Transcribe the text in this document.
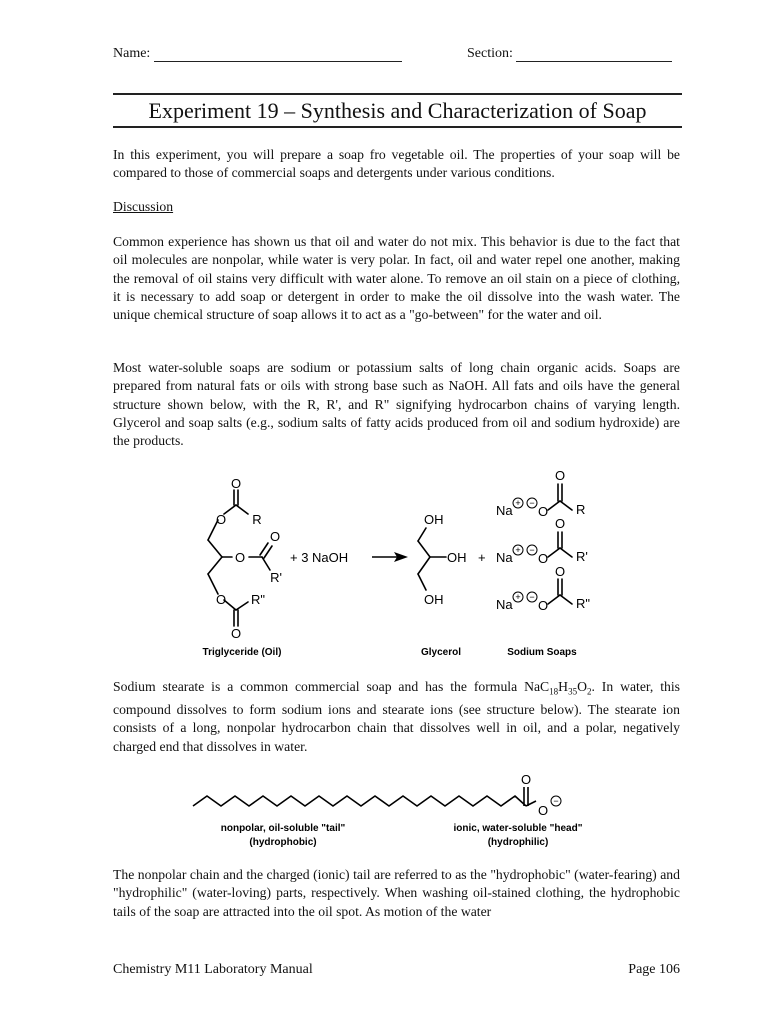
Name:	Section:
Experiment 19 – Synthesis and Characterization of Soap

In this experiment, you will prepare a soap fro vegetable oil. The properties of your soap will be compared to those of commercial soaps and detergents under various conditions.

Discussion

Common experience has shown us that oil and water do not mix. This behavior is due to the fact that oil molecules are nonpolar, while water is very polar. In fact, oil and water repel one another, making the removal of oil stains very difficult with water alone. To remove an oil stain on a piece of clothing, it is necessary to add soap or detergent in order to make the oil dissolve into the wash water. The unique chemical structure of soap allows it to act as a "go-between" for the water and oil.

Most water-soluble soaps are sodium or potassium salts of long chain organic acids. Soaps are prepared from natural fats or oils with strong base such as NaOH. All fats and oils have the general structure shown below, with the R, R', and R" signifying hydrocarbon chains of varying length. Glycerol and soap salts (e.g., sodium salts of fatty acids produced from oil and sodium hydroxide) are the products.

O
O R
O
O
R'
O R"
O
+ 3 NaOH
OH
OH
OH
+
O
Na O R
O
Na O R'
O
Na O R"
+ −
+ −
+ −
Triglyceride (Oil)	Glycerol	Sodium Soaps

Sodium stearate is a common commercial soap and has the formula $NaC_{18}H_{35}O_2$. In water, this compound dissolves to form sodium ions and stearate ions (see structure below). The stearate ion consists of a long, nonpolar hydrocarbon chain that dissolves well in oil, and a polar, negatively charged end that dissolves in water.

O
O
−
nonpolar, oil-soluble "tail"
(hydrophobic)
ionic, water-soluble "head"
(hydrophilic)

The nonpolar chain and the charged (ionic) tail are referred to as the "hydrophobic" (water-fearing) and "hydrophilic" (water-loving) parts, respectively. When washing oil-stained clothing, the hydrophobic tails of the soap are attracted into the oil spot. As motion of the water

Chemistry M11 Laboratory Manual	Page 106
